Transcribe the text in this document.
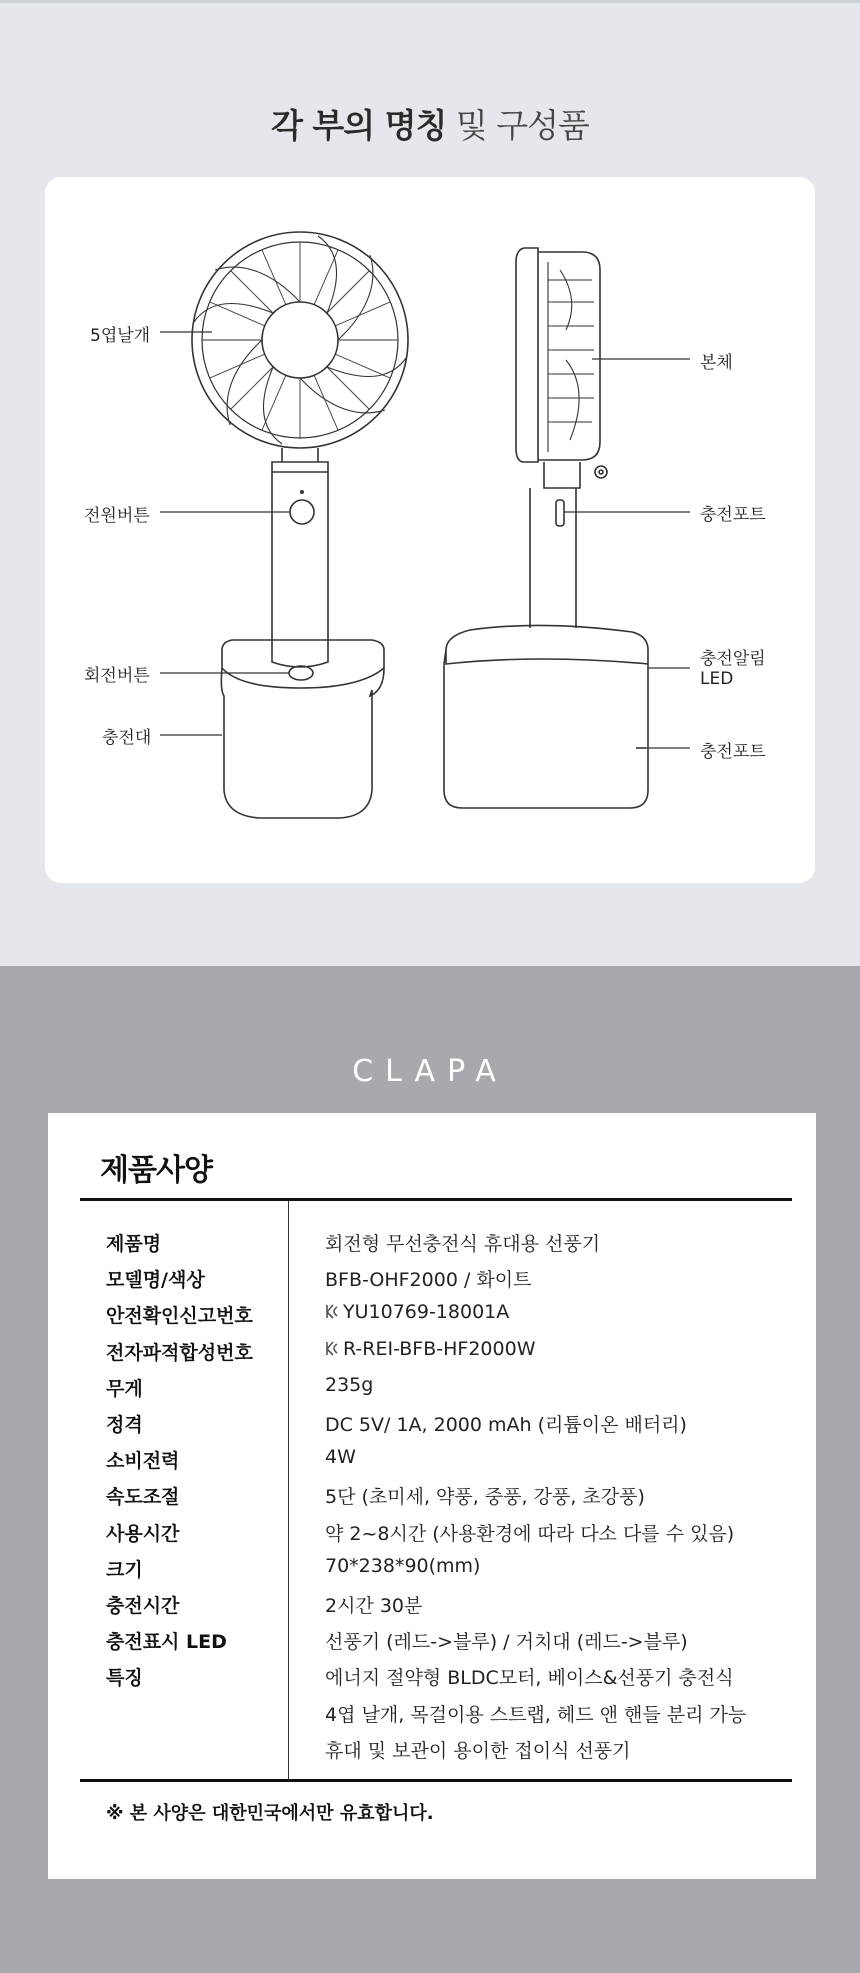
각 부의 명칭 및 구성품
5엽날개
전원버튼
회전버튼
충전대
본체
충전포트
충전알림
LED
충전포트
CLAPA
제품사양
제품명	회전형 무선충전식 휴대용 선풍기
모델명/색상	BFB-OHF2000 / 화이트
안전확인신고번호	YU10769-18001A
전자파적합성번호	R-REI-BFB-HF2000W
무게	235g
정격	DC 5V/ 1A, 2000 mAh (리튬이온 배터리)
소비전력	4W
속도조절	5단 (초미세, 약풍, 중풍, 강풍, 초강풍)
사용시간	약 2~8시간 (사용환경에 따라 다소 다를 수 있음)
크기	70*238*90(mm)
충전시간	2시간 30분
충전표시 LED	선풍기 (레드->블루) / 거치대 (레드->블루)
특징	에너지 절약형 BLDC모터, 베이스&선풍기 충전식
4엽 날개, 목걸이용 스트랩, 헤드 앤 핸들 분리 가능
휴대 및 보관이 용이한 접이식 선풍기
※ 본 사양은 대한민국에서만 유효합니다.
